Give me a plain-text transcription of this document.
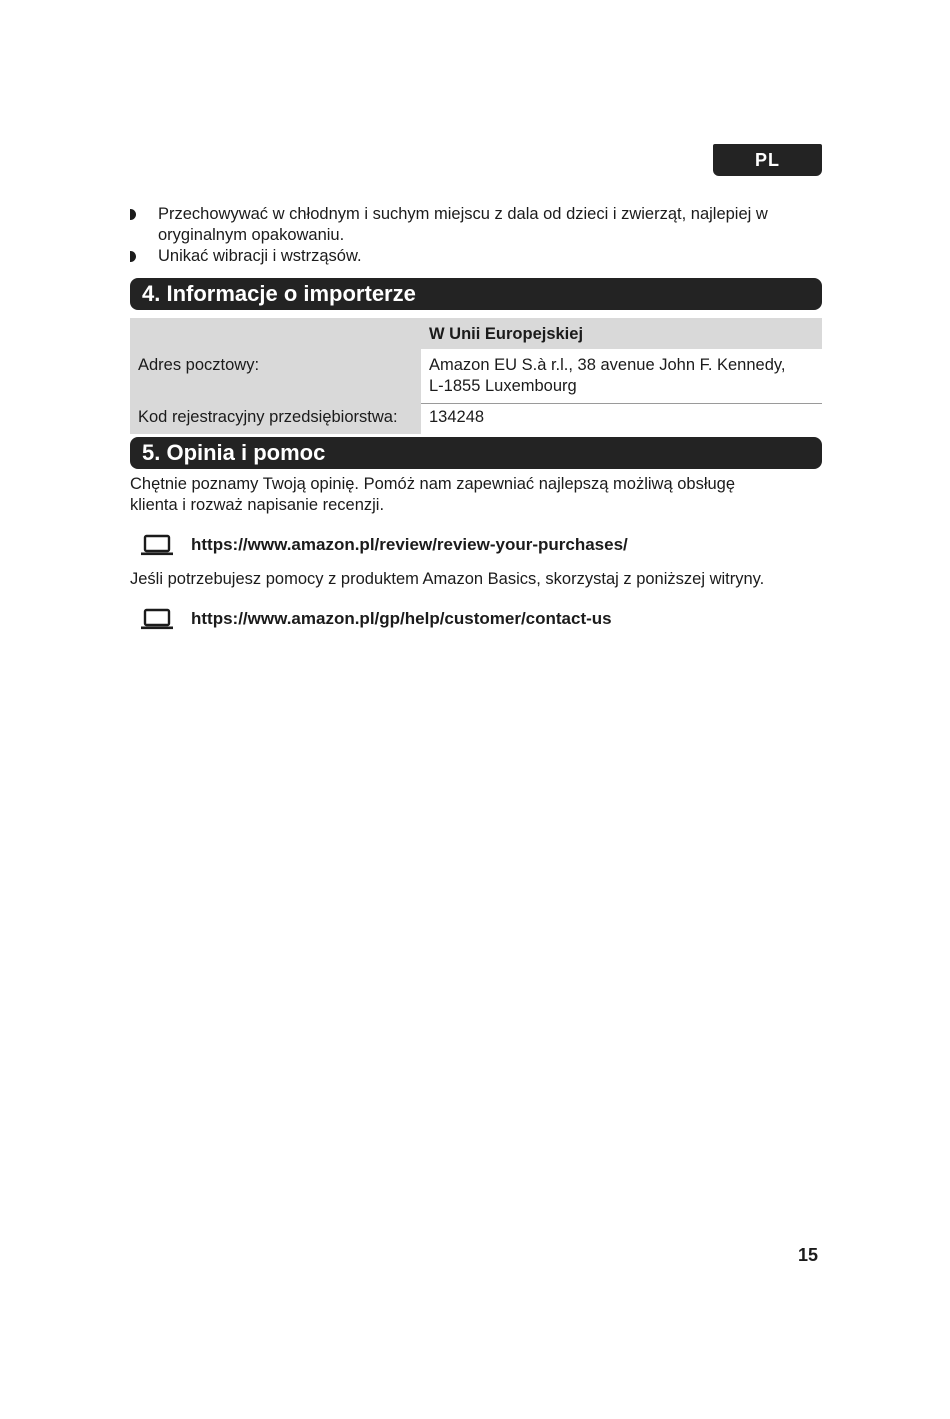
PL
Przechowywać w chłodnym i suchym miejscu z dala od dzieci i zwierząt, najlepiej w oryginalnym opakowaniu.
Unikać wibracji i wstrząsów.
4. Informacje o importerze
	W Unii Europejskiej
Adres pocztowy:	Amazon EU S.à r.l., 38 avenue John F. Kennedy,
L-1855 Luxembourg

Kod rejestracyjny przedsiębiorstwa:	134248
5. Opinia i pomoc

Chętnie poznamy Twoją opinię. Pomóż nam zapewniać najlepszą możliwą obsługę
klienta i rozważ napisanie recenzji.

https://www.amazon.pl/review/review-your-purchases/

Jeśli potrzebujesz pomocy z produktem Amazon Basics, skorzystaj z poniższej witryny.

https://www.amazon.pl/gp/help/customer/contact-us
15
